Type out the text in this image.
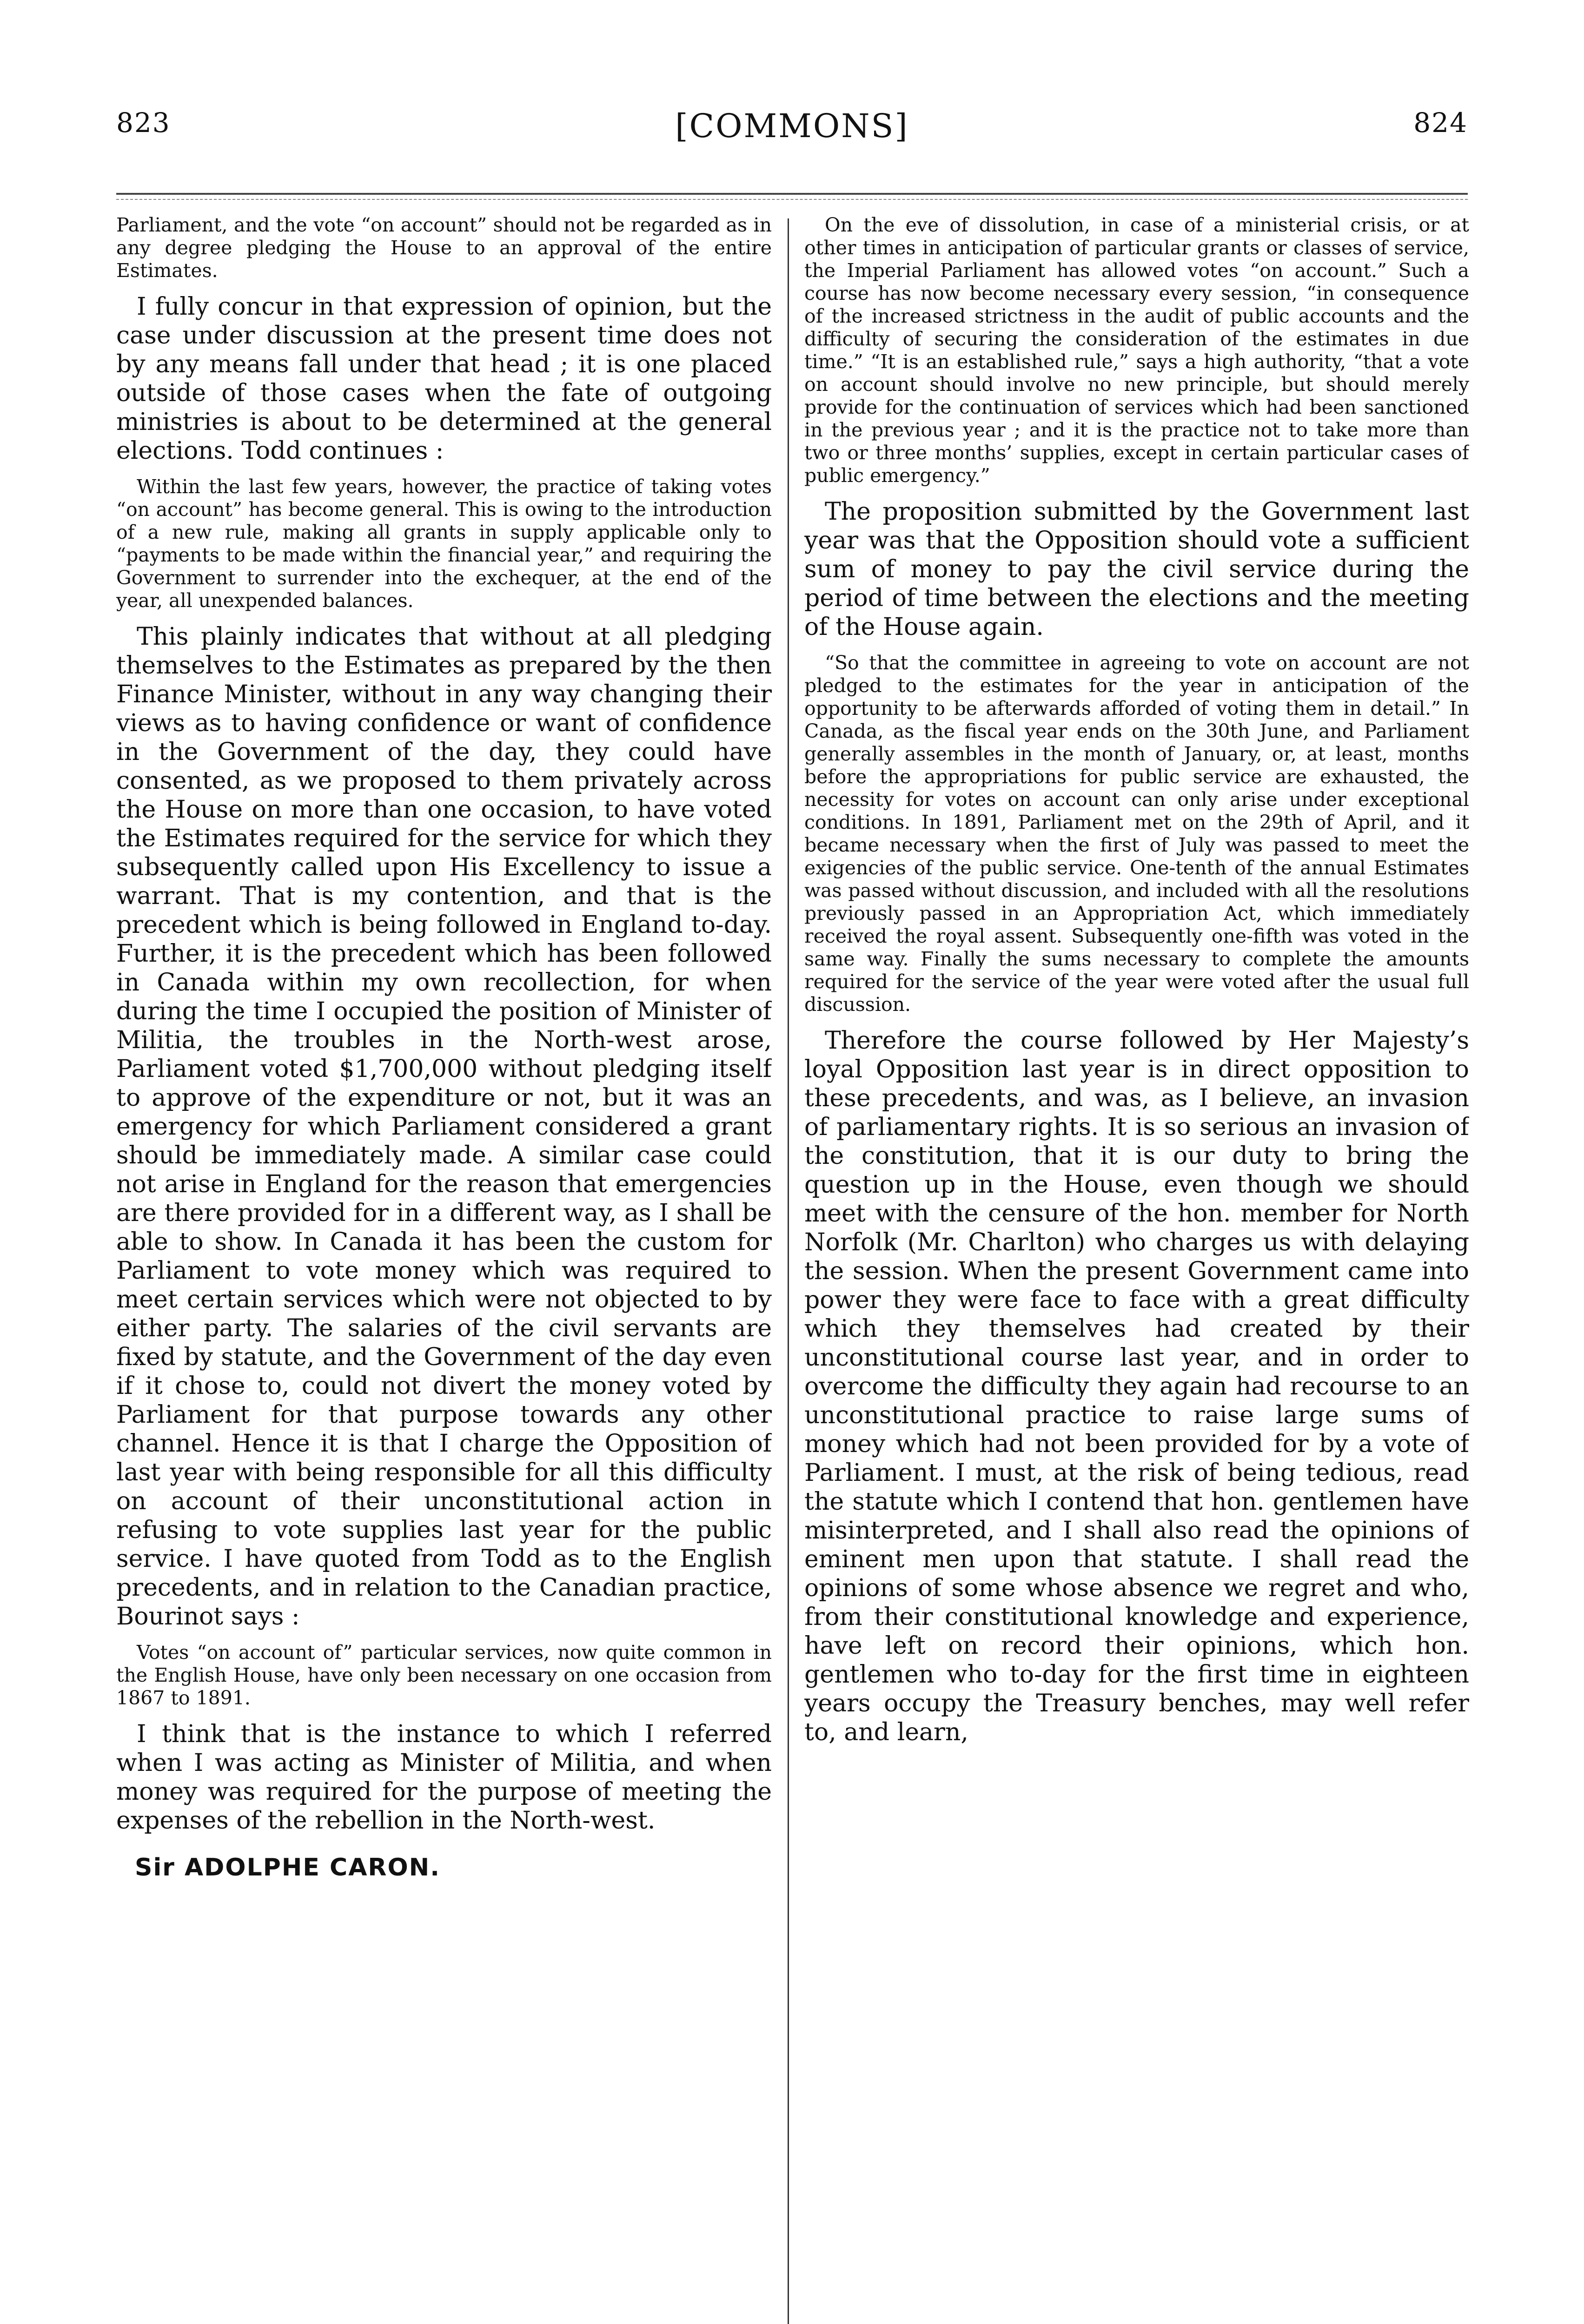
823	[COMMONS]	824

Parliament, and the vote “on account” should not be regarded as in any degree pledging the House to an approval of the entire Estimates.

I fully concur in that expression of opinion, but the case under discussion at the present time does not by any means fall under that head ; it is one placed outside of those cases when the fate of outgoing ministries is about to be determined at the general elections. Todd continues :

Within the last few years, however, the practice of taking votes “on account” has become general. This is owing to the introduction of a new rule, making all grants in supply applicable only to “payments to be made within the financial year,” and requiring the Government to surrender into the exchequer, at the end of the year, all unexpended balances.

This plainly indicates that without at all pledging themselves to the Estimates as prepared by the then Finance Minister, without in any way changing their views as to having confidence or want of confidence in the Government of the day, they could have consented, as we proposed to them privately across the House on more than one occasion, to have voted the Estimates required for the service for which they subsequently called upon His Excellency to issue a warrant. That is my contention, and that is the precedent which is being followed in England to-day. Further, it is the precedent which has been followed in Canada within my own recollection, for when during the time I occupied the position of Minister of Militia, the troubles in the North-west arose, Parliament voted $1,700,000 without pledging itself to approve of the expenditure or not, but it was an emergency for which Parliament considered a grant should be immediately made. A similar case could not arise in England for the reason that emergencies are there provided for in a different way, as I shall be able to show. In Canada it has been the custom for Parliament to vote money which was required to meet certain services which were not objected to by either party. The salaries of the civil servants are fixed by statute, and the Government of the day even if it chose to, could not divert the money voted by Parliament for that purpose towards any other channel. Hence it is that I charge the Opposition of last year with being responsible for all this difficulty on account of their unconstitutional action in refusing to vote supplies last year for the public service. I have quoted from Todd as to the English precedents, and in relation to the Canadian practice, Bourinot says :

Votes “on account of” particular services, now quite common in the English House, have only been necessary on one occasion from 1867 to 1891.

I think that is the instance to which I referred when I was acting as Minister of Militia, and when money was required for the purpose of meeting the expenses of the rebellion in the North-west.

Sir ADOLPHE CARON.

On the eve of dissolution, in case of a ministerial crisis, or at other times in anticipation of particular grants or classes of service, the Imperial Parliament has allowed votes “on account.” Such a course has now become necessary every session, “in consequence of the increased strictness in the audit of public accounts and the difficulty of securing the consideration of the estimates in due time.” “It is an established rule,” says a high authority, “that a vote on account should involve no new principle, but should merely provide for the continuation of services which had been sanctioned in the previous year ; and it is the practice not to take more than two or three months’ supplies, except in certain particular cases of public emergency.”

The proposition submitted by the Government last year was that the Opposition should vote a sufficient sum of money to pay the civil service during the period of time between the elections and the meeting of the House again.

“So that the committee in agreeing to vote on account are not pledged to the estimates for the year in anticipation of the opportunity to be afterwards afforded of voting them in detail.” In Canada, as the fiscal year ends on the 30th June, and Parliament generally assembles in the month of January, or, at least, months before the appropriations for public service are exhausted, the necessity for votes on account can only arise under exceptional conditions. In 1891, Parliament met on the 29th of April, and it became necessary when the first of July was passed to meet the exigencies of the public service. One-tenth of the annual Estimates was passed without discussion, and included with all the resolutions previously passed in an Appropriation Act, which immediately received the royal assent. Subsequently one-fifth was voted in the same way. Finally the sums necessary to complete the amounts required for the service of the year were voted after the usual full discussion.

Therefore the course followed by Her Majesty’s loyal Opposition last year is in direct opposition to these precedents, and was, as I believe, an invasion of parliamentary rights. It is so serious an invasion of the constitution, that it is our duty to bring the question up in the House, even though we should meet with the censure of the hon. member for North Norfolk (Mr. Charlton) who charges us with delaying the session. When the present Government came into power they were face to face with a great difficulty which they themselves had created by their unconstitutional course last year, and in order to overcome the difficulty they again had recourse to an unconstitutional practice to raise large sums of money which had not been provided for by a vote of Parliament. I must, at the risk of being tedious, read the statute which I contend that hon. gentlemen have misinterpreted, and I shall also read the opinions of eminent men upon that statute. I shall read the opinions of some whose absence we regret and who, from their constitutional knowledge and experience, have left on record their opinions, which hon. gentlemen who to-day for the first time in eighteen years occupy the Treasury benches, may well refer to, and learn,
